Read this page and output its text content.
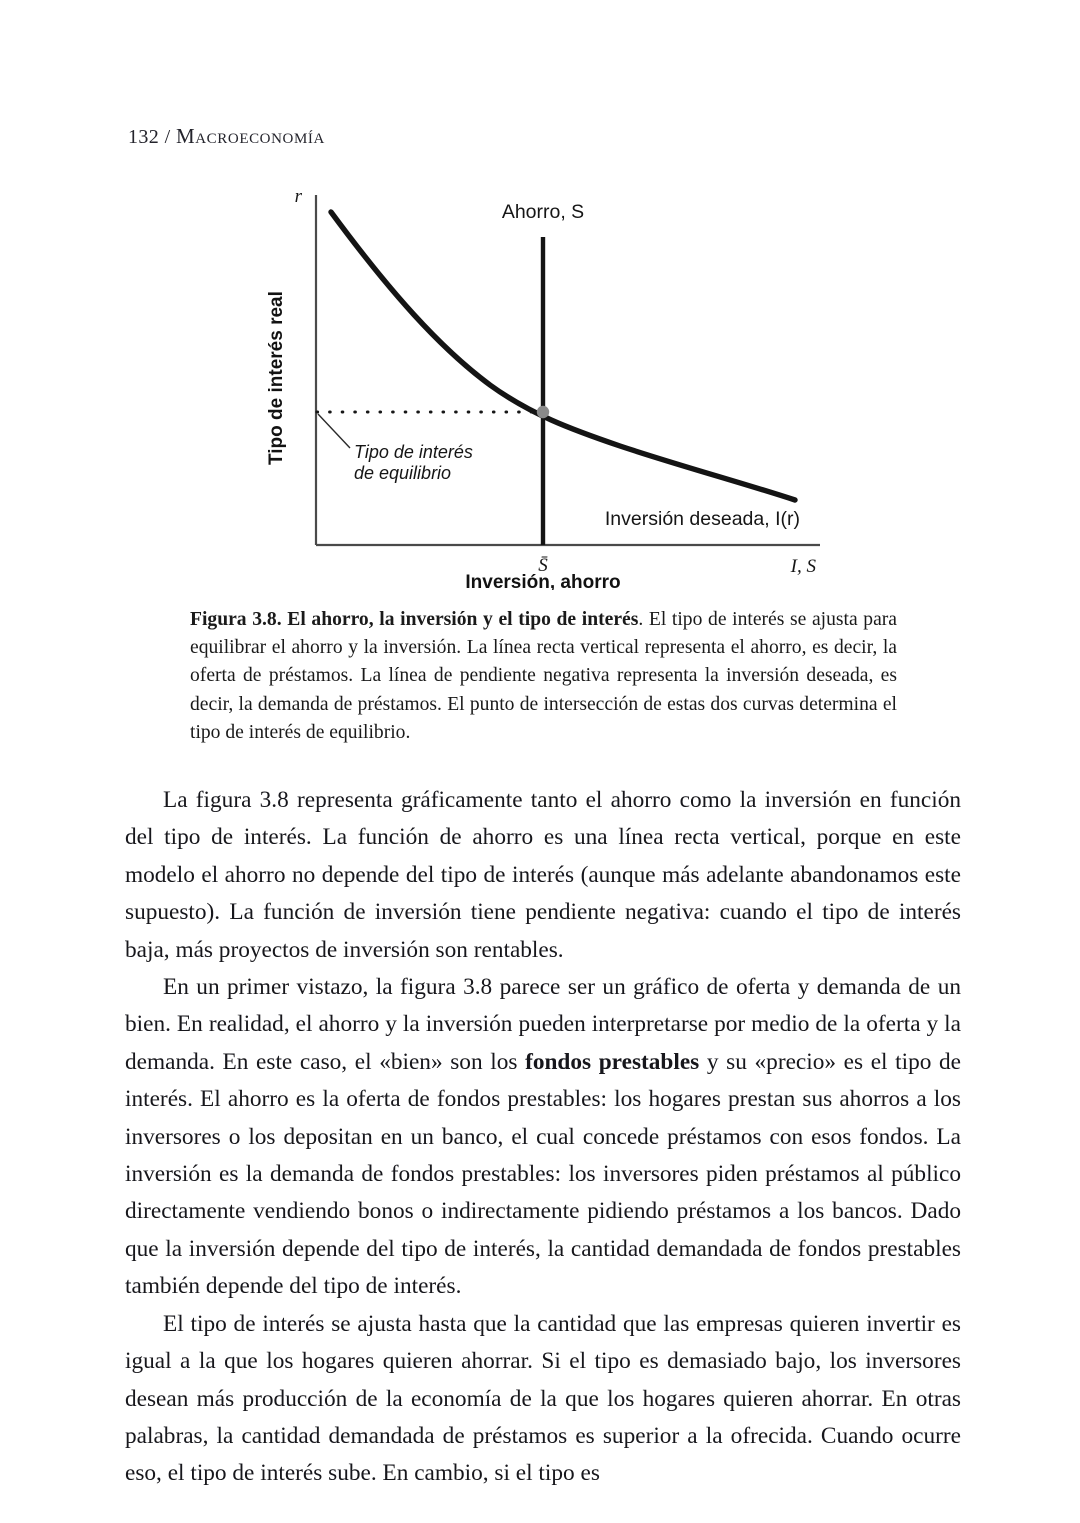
132 / Macroeconomía
r
I, S
Tipo de interés real
Inversión, ahorro
Ahorro, S
Inversión deseada, I(r)
Tipo de interés
de equilibrio
S̄
Figura 3.8. El ahorro, la inversión y el tipo de interés. El tipo de interés se ajusta para equilibrar el ahorro y la inversión. La línea recta vertical representa el ahorro, es decir, la oferta de préstamos. La línea de pendiente negativa representa la inversión deseada, es decir, la demanda de préstamos. El punto de intersección de estas dos curvas determina el tipo de interés de equilibrio.

La figura 3.8 representa gráficamente tanto el ahorro como la inversión en función del tipo de interés. La función de ahorro es una línea recta vertical, porque en este modelo el ahorro no depende del tipo de interés (aunque más adelante abandonamos este supuesto). La función de inversión tiene pendiente negativa: cuando el tipo de interés baja, más proyectos de inversión son rentables.

En un primer vistazo, la figura 3.8 parece ser un gráfico de oferta y demanda de un bien. En realidad, el ahorro y la inversión pueden interpretarse por medio de la oferta y la demanda. En este caso, el «bien» son los fondos prestables y su «precio» es el tipo de interés. El ahorro es la oferta de fondos prestables: los hogares prestan sus ahorros a los inversores o los depositan en un banco, el cual concede préstamos con esos fondos. La inversión es la demanda de fondos prestables: los inversores piden préstamos al público directamente vendiendo bonos o indirectamente pidiendo préstamos a los bancos. Dado que la inversión depende del tipo de interés, la cantidad demandada de fondos prestables también depende del tipo de interés.

El tipo de interés se ajusta hasta que la cantidad que las empresas quieren invertir es igual a la que los hogares quieren ahorrar. Si el tipo es demasiado bajo, los inversores desean más producción de la economía de la que los hogares quieren ahorrar. En otras palabras, la cantidad demandada de préstamos es superior a la ofrecida. Cuando ocurre eso, el tipo de interés sube. En cambio, si el tipo es
